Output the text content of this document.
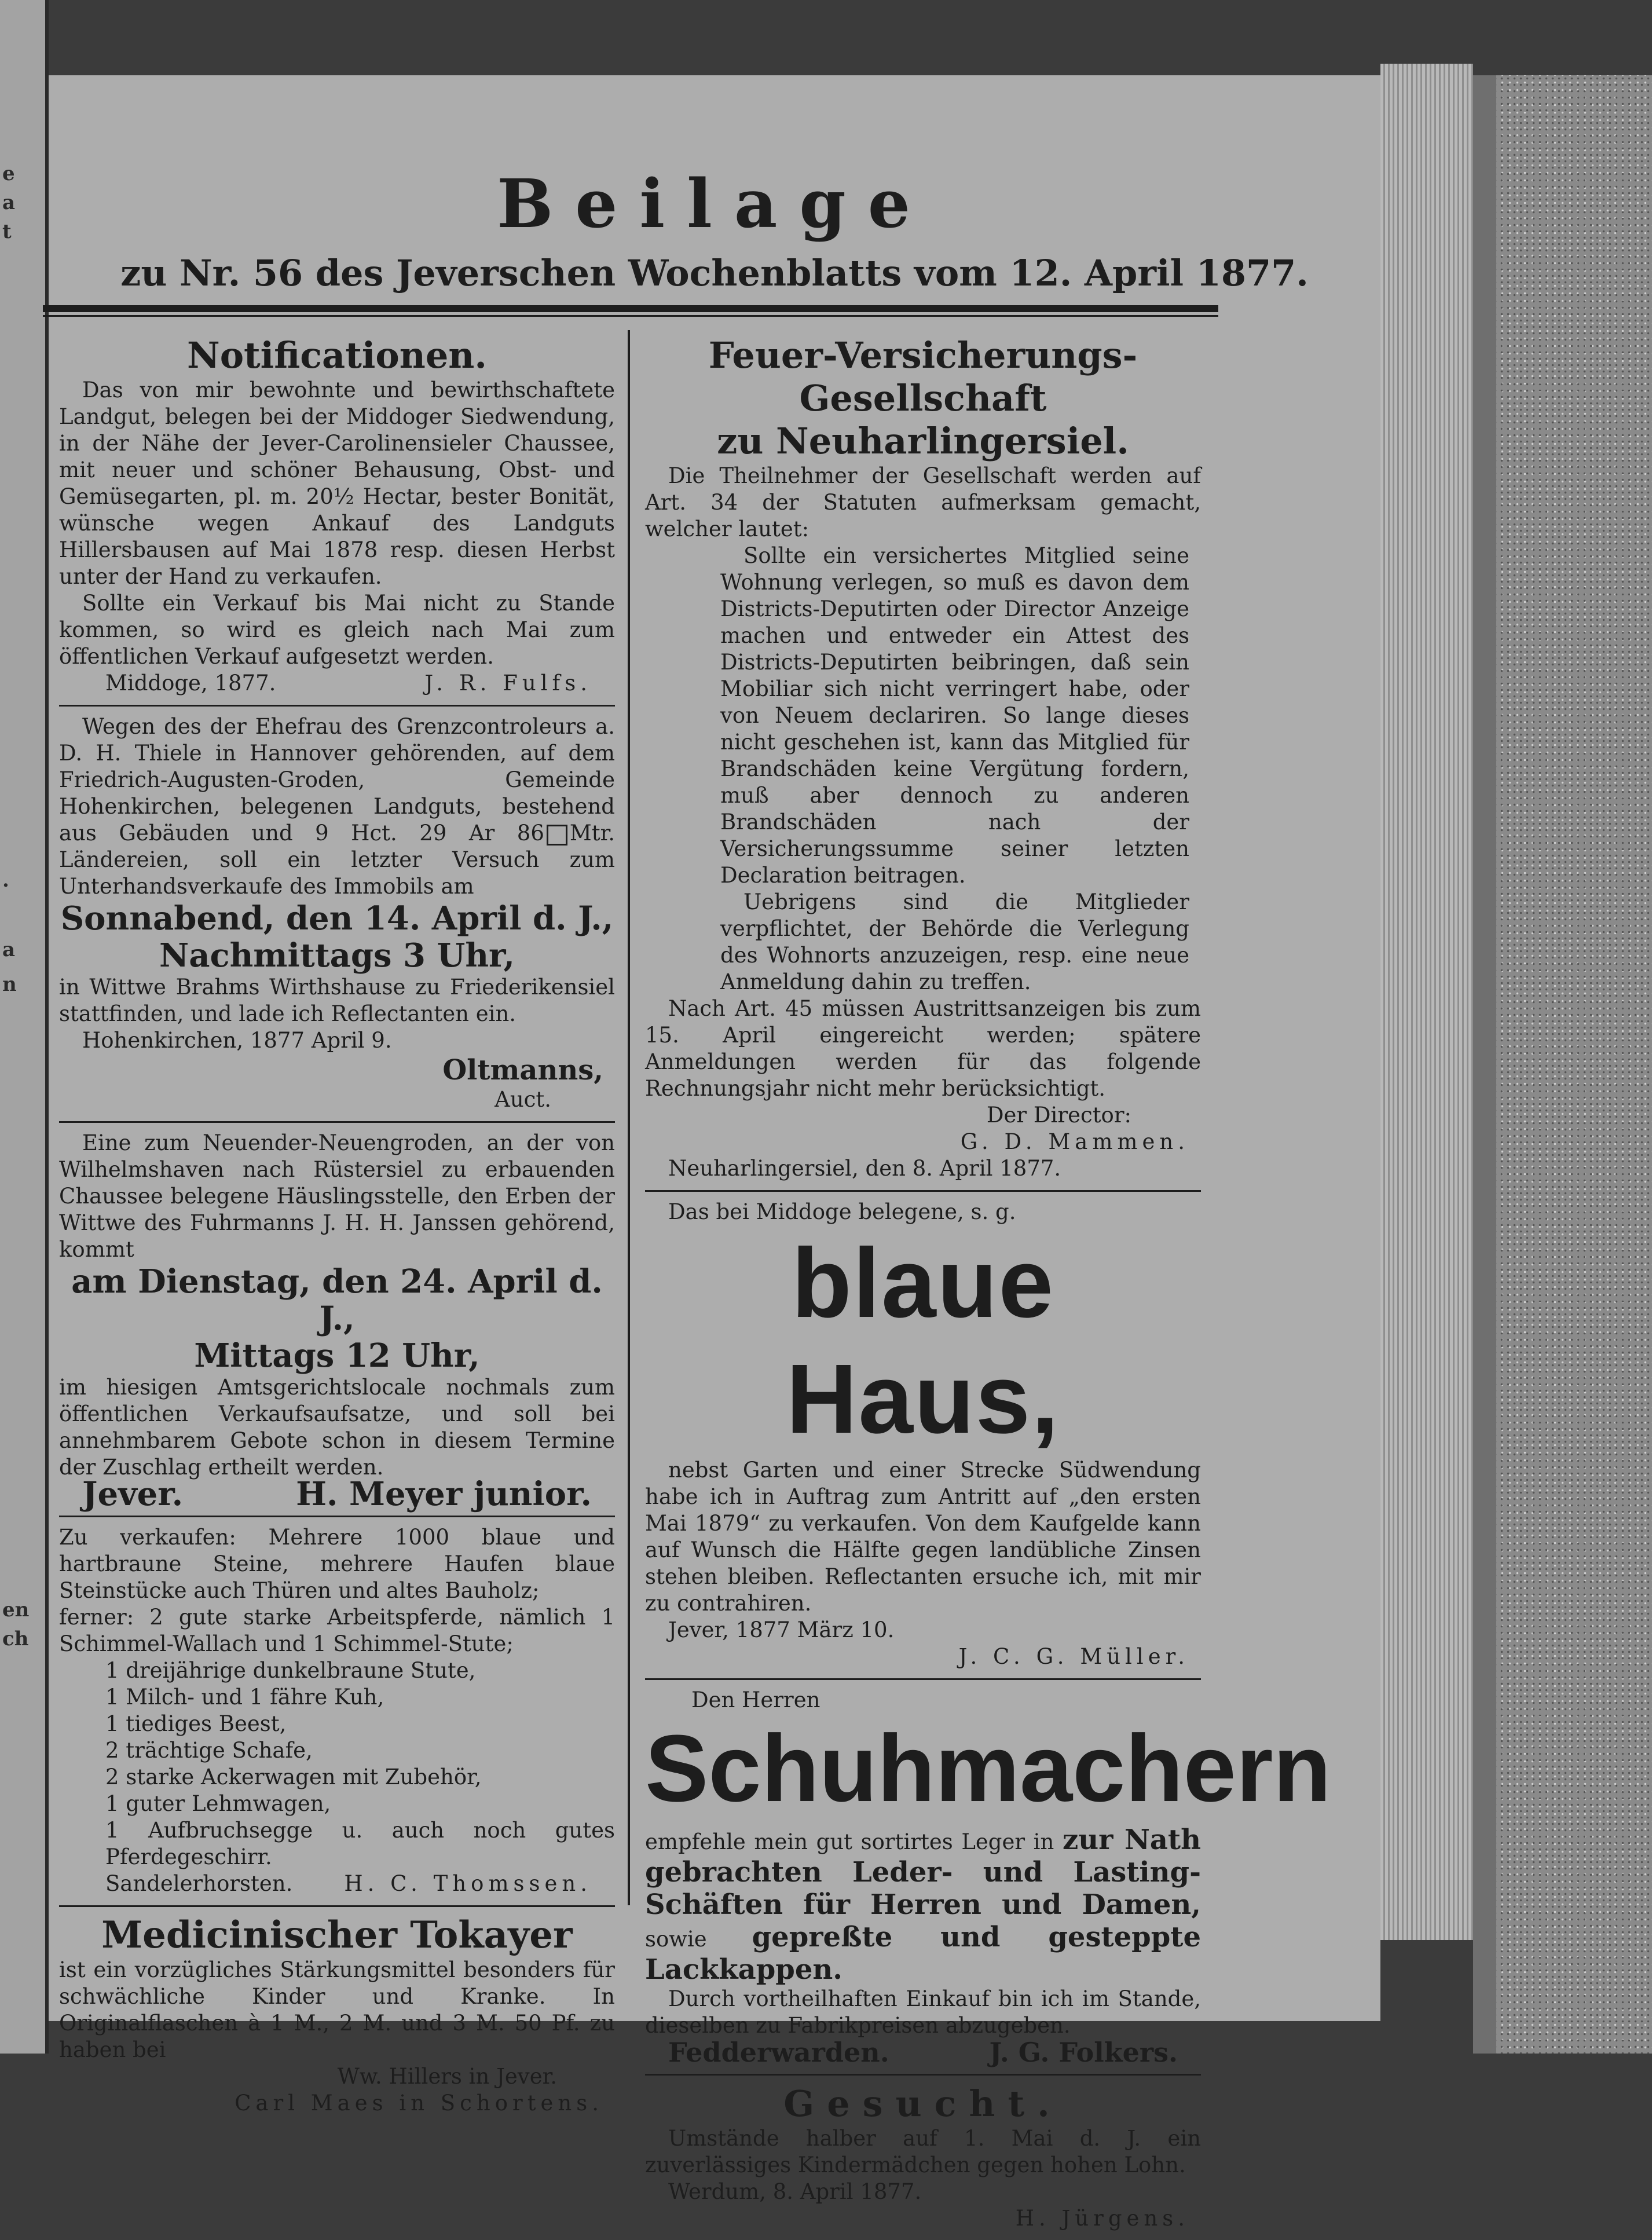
e
a
t
.
a
n
en
ch
Beilage
zu Nr. 56 des Jeverschen Wochenblatts vom 12. April 1877.
Notificationen.
Das von mir bewohnte und bewirthschaftete Landgut, belegen bei der Middoger Siedwendung, in der Nähe der Jever-Carolinensieler Chaussee, mit neuer und schöner Behausung, Obst- und Gemüsegarten, pl. m. 20½ Hectar, bester Bonität, wünsche wegen Ankauf des Landguts Hillersbausen auf Mai 1878 resp. diesen Herbst unter der Hand zu verkaufen.
Sollte ein Verkauf bis Mai nicht zu Stande kommen, so wird es gleich nach Mai zum öffentlichen Verkauf aufgesetzt werden.
Middoge, 1877.	J. R. Fulfs.
Wegen des der Ehefrau des Grenzcontroleurs a. D. H. Thiele in Hannover gehörenden, auf dem Friedrich-Augusten-Groden, Gemeinde Hohenkirchen, belegenen Landguts, bestehend aus Gebäuden und 9 Hct. 29 Ar 86 Mtr. Ländereien, soll ein letzter Versuch zum Unterhandsverkaufe des Immobils am
Sonnabend, den 14. April d. J.,
Nachmittags 3 Uhr,
in Wittwe Brahms Wirthshause zu Friederikensiel stattfinden, und lade ich Reflectanten ein.
Hohenkirchen, 1877 April 9.
Oltmanns,
Auct.
Eine zum Neuender-Neuengroden, an der von Wilhelmshaven nach Rüstersiel zu erbauenden Chaussee belegene Häuslingsstelle, den Erben der Wittwe des Fuhrmanns J. H. H. Janssen gehörend, kommt
am Dienstag, den 24. April d. J.,
Mittags 12 Uhr,
im hiesigen Amtsgerichtslocale nochmals zum öffentlichen Verkaufsaufsatze, und soll bei annehmbarem Gebote schon in diesem Termine der Zuschlag ertheilt werden.
Jever.	H. Meyer junior.
Zu verkaufen: Mehrere 1000 blaue und hartbraune Steine, mehrere Haufen blaue Steinstücke auch Thüren und altes Bauholz;
ferner: 2 gute starke Arbeitspferde, nämlich 1 Schimmel-Wallach und 1 Schimmel-Stute;
1 dreijährige dunkelbraune Stute,
1 Milch- und 1 fähre Kuh,
1 tiediges Beest,
2 trächtige Schafe,
2 starke Ackerwagen mit Zubehör,
1 guter Lehmwagen,
1 Aufbruchsegge u. auch noch gutes Pferdegeschirr.
Sandelerhorsten. H. C. Thomssen.
Medicinischer Tokayer
ist ein vorzügliches Stärkungsmittel besonders für schwächliche Kinder und Kranke. In Originalflaschen à 1 M., 2 M. und 3 M. 50 Pf. zu haben bei
Ww. Hillers in Jever.
Carl Maes in Schortens.
Feuer-Versicherungs-Gesellschaft
zu Neuharlingersiel.
Die Theilnehmer der Gesellschaft werden auf Art. 34 der Statuten aufmerksam gemacht, welcher lautet:
Sollte ein versichertes Mitglied seine Wohnung verlegen, so muß es davon dem Districts-Deputirten oder Director Anzeige machen und entweder ein Attest des Districts-Deputirten beibringen, daß sein Mobiliar sich nicht verringert habe, oder von Neuem declariren. So lange dieses nicht geschehen ist, kann das Mitglied für Brandschäden keine Vergütung fordern, muß aber dennoch zu anderen Brandschäden nach der Versicherungssumme seiner letzten Declaration beitragen.
Uebrigens sind die Mitglieder verpflichtet, der Behörde die Verlegung des Wohnorts anzuzeigen, resp. eine neue Anmeldung dahin zu treffen.
Nach Art. 45 müssen Austrittsanzeigen bis zum 15. April eingereicht werden; spätere Anmeldungen werden für das folgende Rechnungsjahr nicht mehr berücksichtigt.
Der Director:
G. D. Mammen.
Neuharlingersiel, den 8. April 1877.
Das bei Middoge belegene, s. g.
blaue Haus,
nebst Garten und einer Strecke Südwendung habe ich in Auftrag zum Antritt auf „den ersten Mai 1879“ zu verkaufen. Von dem Kaufgelde kann auf Wunsch die Hälfte gegen landübliche Zinsen stehen bleiben. Reflectanten ersuche ich, mit mir zu contrahiren.
Jever, 1877 März 10.
J. C. G. Müller.
Den Herren
Schuhmachern
empfehle mein gut sortirtes Leger in zur Nath gebrachten Leder- und Lasting-Schäften für Herren und Damen, sowie gepreßte und gesteppte Lackkappen.
Durch vortheilhaften Einkauf bin ich im Stande, dieselben zu Fabrikpreisen abzugeben.
Fedderwarden.	J. G. Folkers.
Gesucht.
Umstände halber auf 1. Mai d. J. ein zuverlässiges Kindermädchen gegen hohen Lohn.
Werdum, 8. April 1877.
H. Jürgens.
